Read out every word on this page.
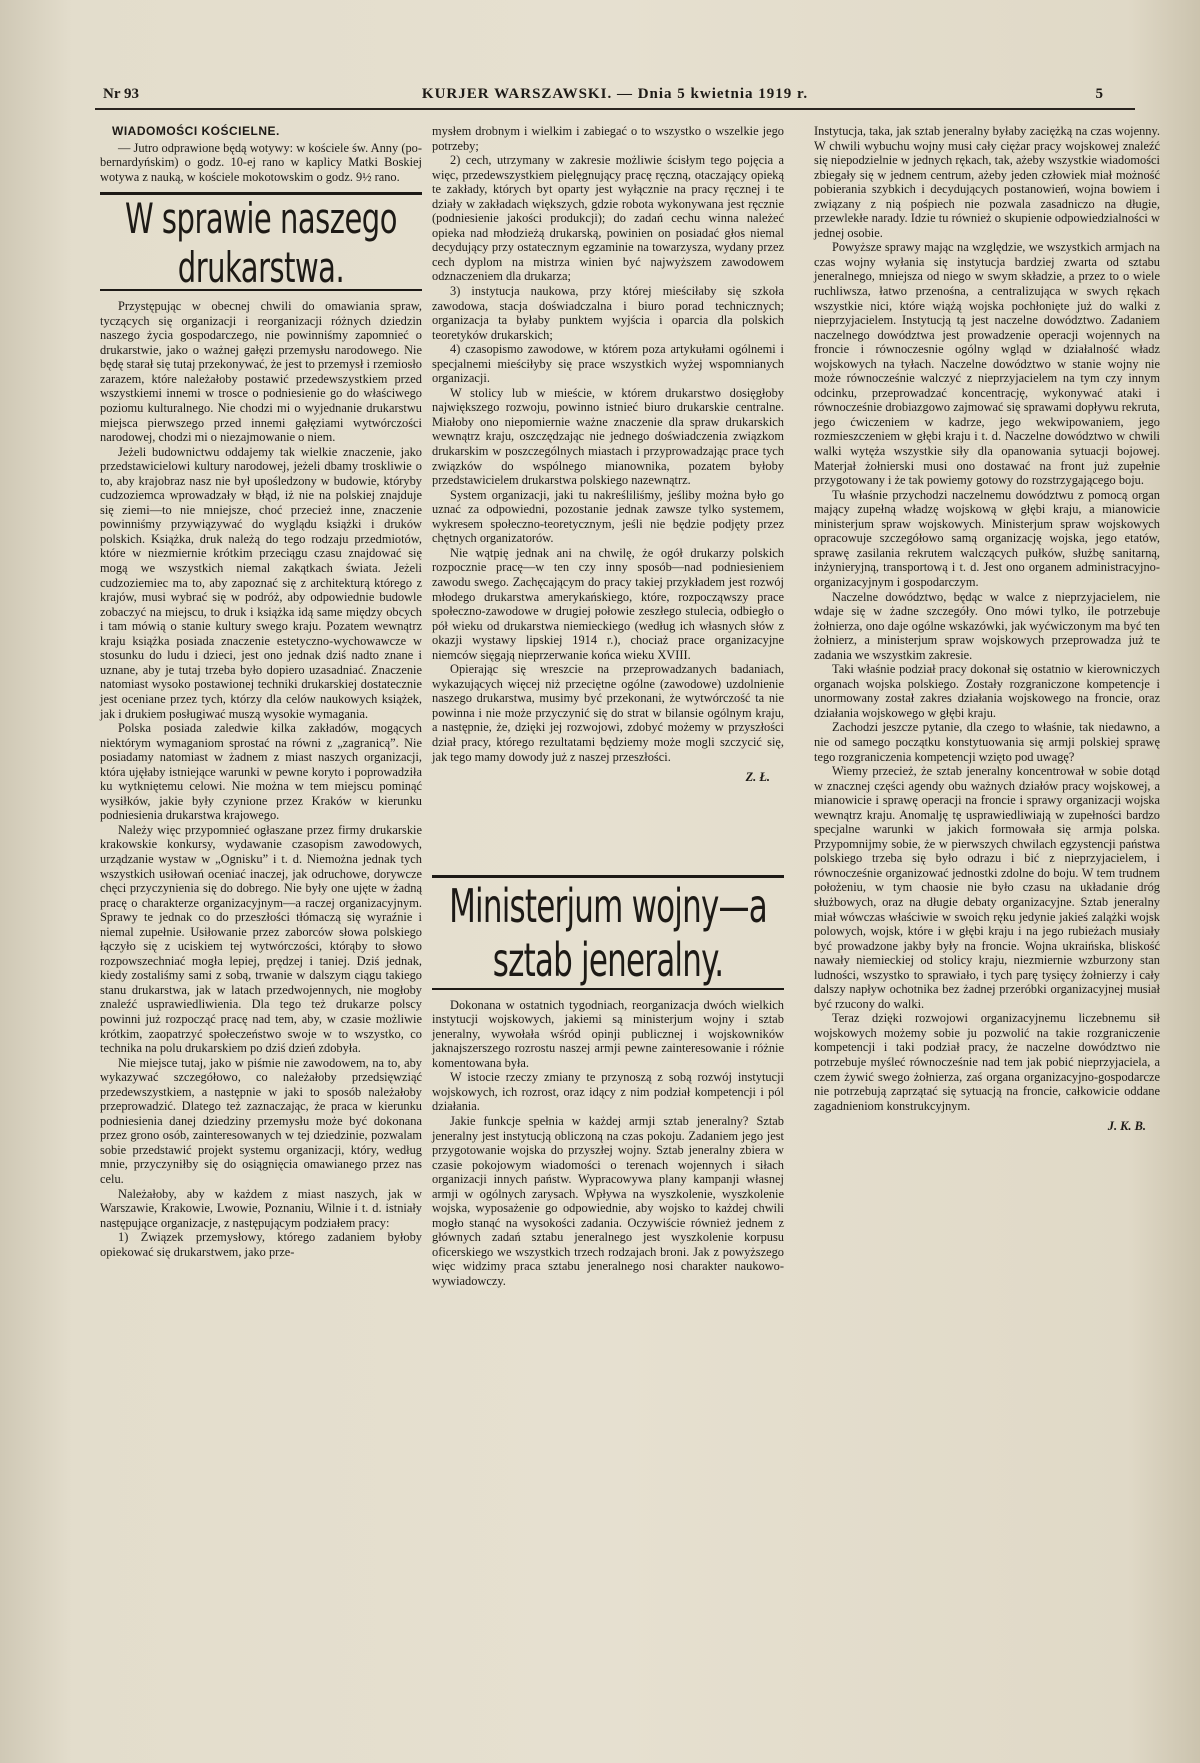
Nr 93	KURJER WARSZAWSKI. — Dnia 5 kwietnia 1919 r.	5
WIADOMOŚCI KOŚCIELNE.

— Jutro odprawione będą wotywy: w kościele św. Anny (po-bernardyńskim) o godz. 10-ej rano w kaplicy Matki Boskiej wotywa z nauką, w kościele mokotowskim o godz. 9½ rano.

W sprawie naszego drukarstwa.

Przystępując w obecnej chwili do omawiania spraw, tyczących się organizacji i reorganizacji różnych dziedzin naszego życia gospodarczego, nie powinniśmy zapomnieć o drukarstwie, jako o ważnej gałęzi przemysłu narodowego. Nie będę starał się tutaj przekonywać, że jest to przemysł i rzemiosło zarazem, które należałoby postawić przedewszystkiem przed wszystkiemi innemi w trosce o podniesienie go do właściwego poziomu kulturalnego. Nie chodzi mi o wyjednanie drukarstwu miejsca pierwszego przed innemi gałęziami wytwórczości narodowej, chodzi mi o niezajmowanie o niem.

Jeżeli budownictwu oddajemy tak wielkie znaczenie, jako przedstawicielowi kultury narodowej, jeżeli dbamy troskliwie o to, aby krajobraz nasz nie był upośledzony w budowie, któryby cudzoziemca wprowadzały w błąd, iż nie na polskiej znajduje się ziemi—to nie mniejsze, choć przecież inne, znaczenie powinniśmy przywiązywać do wyglądu książki i druków polskich. Książka, druk należą do tego rodzaju przedmiotów, które w niezmiernie krótkim przeciągu czasu znajdować się mogą we wszystkich niemal zakątkach świata. Jeżeli cudzoziemiec ma to, aby zapoznać się z architekturą którego z krajów, musi wybrać się w podróż, aby odpowiednie budowle zobaczyć na miejscu, to druk i książka idą same między obcych i tam mówią o stanie kultury swego kraju. Pozatem wewnątrz kraju książka posiada znaczenie estetyczno-wychowawcze w stosunku do ludu i dzieci, jest ono jednak dziś nadto znane i uznane, aby je tutaj trzeba było dopiero uzasadniać. Znaczenie natomiast wysoko postawionej techniki drukarskiej dostatecznie jest oceniane przez tych, którzy dla celów naukowych książek, jak i drukiem posługiwać muszą wysokie wymagania.

Polska posiada zaledwie kilka zakładów, mogących niektórym wymaganiom sprostać na równi z „zagranicą”. Nie posiadamy natomiast w żadnem z miast naszych organizacji, która ujęłaby istniejące warunki w pewne koryto i poprowadziła ku wytkniętemu celowi. Nie można w tem miejscu pominąć wysiłków, jakie były czynione przez Kraków w kierunku podniesienia drukarstwa krajowego.

Należy więc przypomnieć ogłaszane przez firmy drukarskie krakowskie konkursy, wydawanie czasopism zawodowych, urządzanie wystaw w „Ognisku” i t. d. Niemożna jednak tych wszystkich usiłowań oceniać inaczej, jak odruchowe, dorywcze chęci przyczynienia się do dobrego. Nie były one ujęte w żadną pracę o charakterze organizacyjnym—a raczej organizacyjnym. Sprawy te jednak co do przeszłości tłómaczą się wyraźnie i niemal zupełnie. Usiłowanie przez zaborców słowa polskiego łączyło się z uciskiem tej wytwórczości, którąby to słowo rozpowszechniać mogła lepiej, prędzej i taniej. Dziś jednak, kiedy zostaliśmy sami z sobą, trwanie w dalszym ciągu takiego stanu drukarstwa, jak w latach przedwojennych, nie mogłoby znaleźć usprawiedliwienia. Dla tego też drukarze polscy powinni już rozpocząć pracę nad tem, aby, w czasie możliwie krótkim, zaopatrzyć społeczeństwo swoje w to wszystko, co technika na polu drukarskiem po dziś dzień zdobyła.

Nie miejsce tutaj, jako w piśmie nie zawodowem, na to, aby wykazywać szczegółowo, co należałoby przedsięwziąć przedewszystkiem, a następnie w jaki to sposób należałoby przeprowadzić. Dlatego też zaznaczając, że praca w kierunku podniesienia danej dziedziny przemysłu może być dokonana przez grono osób, zainteresowanych w tej dziedzinie, pozwalam sobie przedstawić projekt systemu organizacji, który, według mnie, przyczyniłby się do osiągnięcia omawianego przez nas celu.

Należałoby, aby w każdem z miast naszych, jak w Warszawie, Krakowie, Lwowie, Poznaniu, Wilnie i t. d. istniały następujące organizacje, z następującym podziałem pracy:

1) Związek przemysłowy, którego zadaniem byłoby opiekować się drukarstwem, jako prze-

mysłem drobnym i wielkim i zabiegać o to wszystko o wszelkie jego potrzeby;

2) cech, utrzymany w zakresie możliwie ścisłym tego pojęcia a więc, przedewszystkiem pielęgnujący pracę ręczną, otaczający opieką te zakłady, których byt oparty jest wyłącznie na pracy ręcznej i te działy w zakładach większych, gdzie robota wykonywana jest ręcznie (podniesienie jakości produkcji); do zadań cechu winna należeć opieka nad młodzieżą drukarską, powinien on posiadać głos niemal decydujący przy ostatecznym egzaminie na towarzysza, wydany przez cech dyplom na mistrza winien być najwyższem zawodowem odznaczeniem dla drukarza;

3) instytucja naukowa, przy której mieściłaby się szkoła zawodowa, stacja doświadczalna i biuro porad technicznych; organizacja ta byłaby punktem wyjścia i oparcia dla polskich teoretyków drukarskich;

4) czasopismo zawodowe, w którem poza artykułami ogólnemi i specjalnemi mieściłyby się prace wszystkich wyżej wspomnianych organizacji.

W stolicy lub w mieście, w którem drukarstwo dosięgłoby największego rozwoju, powinno istnieć biuro drukarskie centralne. Miałoby ono niepomiernie ważne znaczenie dla spraw drukarskich wewnątrz kraju, oszczędzając nie jednego doświadczenia związkom drukarskim w poszczególnych miastach i przyprowadzając prace tych związków do wspólnego mianownika, pozatem byłoby przedstawicielem drukarstwa polskiego nazewnątrz.

System organizacji, jaki tu nakreśliliśmy, jeśliby można było go uznać za odpowiedni, pozostanie jednak zawsze tylko systemem, wykresem społeczno-teoretycznym, jeśli nie będzie podjęty przez chętnych organizatorów.

Nie wątpię jednak ani na chwilę, że ogół drukarzy polskich rozpocznie pracę—w ten czy inny sposób—nad podniesieniem zawodu swego. Zachęcającym do pracy takiej przykładem jest rozwój młodego drukarstwa amerykańskiego, które, rozpocząwszy prace społeczno-zawodowe w drugiej połowie zeszłego stulecia, odbiegło o pół wieku od drukarstwa niemieckiego (według ich własnych słów z okazji wystawy lipskiej 1914 r.), chociaż prace organizacyjne niemców sięgają nieprzerwanie końca wieku XVIII.

Opierając się wreszcie na przeprowadzanych badaniach, wykazujących więcej niż przeciętne ogólne (zawodowe) uzdolnienie naszego drukarstwa, musimy być przekonani, że wytwórczość ta nie powinna i nie może przyczynić się do strat w bilansie ogólnym kraju, a następnie, że, dzięki jej rozwojowi, zdobyć możemy w przyszłości dział pracy, którego rezultatami będziemy może mogli szczycić się, jak tego mamy dowody już z naszej przeszłości.

Z. Ł.
Ministerjum wojny—a sztab jeneralny.

Dokonana w ostatnich tygodniach, reorganizacja dwóch wielkich instytucji wojskowych, jakiemi są ministerjum wojny i sztab jeneralny, wywołała wśród opinji publicznej i wojskowników jaknajszerszego rozrostu naszej armji pewne zainteresowanie i różnie komentowana była.

W istocie rzeczy zmiany te przynoszą z sobą rozwój instytucji wojskowych, ich rozrost, oraz idący z nim podział kompetencji i pól działania.

Jakie funkcje spełnia w każdej armji sztab jeneralny? Sztab jeneralny jest instytucją obliczoną na czas pokoju. Zadaniem jego jest przygotowanie wojska do przyszłej wojny. Sztab jeneralny zbiera w czasie pokojowym wiadomości o terenach wojennych i siłach organizacji innych państw. Wypracowywa plany kampanji własnej armji w ogólnych zarysach. Wpływa na wyszkolenie, wyszkolenie wojska, wyposażenie go odpowiednie, aby wojsko to każdej chwili mogło stanąć na wysokości zadania. Oczywiście również jednem z głównych zadań sztabu jeneralnego jest wyszkolenie korpusu oficerskiego we wszystkich trzech rodzajach broni. Jak z powyższego więc widzimy praca sztabu jeneralnego nosi charakter naukowo-wywiadowczy.

Instytucja, taka, jak sztab jeneralny byłaby zaciężką na czas wojenny. W chwili wybuchu wojny musi cały ciężar pracy wojskowej znaleźć się niepodzielnie w jednych rękach, tak, ażeby wszystkie wiadomości zbiegały się w jednem centrum, ażeby jeden człowiek miał możność pobierania szybkich i decydujących postanowień, wojna bowiem i związany z nią pośpiech nie pozwala zasadniczo na długie, przewlekłe narady. Idzie tu również o skupienie odpowiedzialności w jednej osobie.

Powyższe sprawy mając na względzie, we wszystkich armjach na czas wojny wyłania się instytucja bardziej zwarta od sztabu jeneralnego, mniejsza od niego w swym składzie, a przez to o wiele ruchliwsza, łatwo przenośna, a centralizująca w swych rękach wszystkie nici, które wiążą wojska pochłonięte już do walki z nieprzyjacielem. Instytucją tą jest naczelne dowództwo. Zadaniem naczelnego dowództwa jest prowadzenie operacji wojennych na froncie i równoczesnie ogólny wgląd w działalność władz wojskowych na tyłach. Naczelne dowództwo w stanie wojny nie może równocześnie walczyć z nieprzyjacielem na tym czy innym odcinku, przeprowadzać koncentrację, wykonywać ataki i równocześnie drobiazgowo zajmować się sprawami dopływu rekruta, jego ćwiczeniem w kadrze, jego wekwipowaniem, jego rozmieszczeniem w głębi kraju i t. d. Naczelne dowództwo w chwili walki wytęża wszystkie siły dla opanowania sytuacji bojowej. Materjał żołnierski musi ono dostawać na front już zupełnie przygotowany i że tak powiemy gotowy do rozstrzygającego boju.

Tu właśnie przychodzi naczelnemu dowództwu z pomocą organ mający zupełną władzę wojskową w głębi kraju, a mianowicie ministerjum spraw wojskowych. Ministerjum spraw wojskowych opracowuje szczegółowo samą organizację wojska, jego etatów, sprawę zasilania rekrutem walczących pułków, służbę sanitarną, inżynieryjną, transportową i t. d. Jest ono organem administracyjno-organizacyjnym i gospodarczym.

Naczelne dowództwo, będąc w walce z nieprzyjacielem, nie wdaje się w żadne szczegóły. Ono mówi tylko, ile potrzebuje żołnierza, ono daje ogólne wskazówki, jak wyćwiczonym ma być ten żołnierz, a ministerjum spraw wojskowych przeprowadza już te zadania we wszystkim zakresie.

Taki właśnie podział pracy dokonał się ostatnio w kierowniczych organach wojska polskiego. Zostały rozgraniczone kompetencje i unormowany został zakres działania wojskowego na froncie, oraz działania wojskowego w głębi kraju.

Zachodzi jeszcze pytanie, dla czego to właśnie, tak niedawno, a nie od samego początku konstytuowania się armji polskiej sprawę tego rozgraniczenia kompetencji wzięto pod uwagę?

Wiemy przecież, że sztab jeneralny koncentrował w sobie dotąd w znacznej części agendy obu ważnych działów pracy wojskowej, a mianowicie i sprawę operacji na froncie i sprawy organizacji wojska wewnątrz kraju. Anomalję tę usprawiedliwiają w zupełności bardzo specjalne warunki w jakich formowała się armja polska. Przypomnijmy sobie, że w pierwszych chwilach egzystencji państwa polskiego trzeba się było odrazu i bić z nieprzyjacielem, i równocześnie organizować jednostki zdolne do boju. W tem trudnem położeniu, w tym chaosie nie było czasu na układanie dróg służbowych, oraz na długie debaty organizacyjne. Sztab jeneralny miał wówczas właściwie w swoich ręku jedynie jakieś zalążki wojsk polowych, wojsk, które i w głębi kraju i na jego rubieżach musiały być prowadzone jakby były na froncie. Wojna ukraińska, bliskość nawały niemieckiej od stolicy kraju, niezmiernie wzburzony stan ludności, wszystko to sprawiało, i tych parę tysięcy żołnierzy i cały dalszy napływ ochotnika bez żadnej przeróbki organizacyjnej musiał być rzucony do walki.

Teraz dzięki rozwojowi organizacyjnemu liczebnemu sił wojskowych możemy sobie ju pozwolić na takie rozgraniczenie kompetencji i taki podział pracy, że naczelne dowództwo nie potrzebuje myśleć równocześnie nad tem jak pobić nieprzyjaciela, a czem żywić swego żołnierza, zaś organa organizacyjno-gospodarcze nie potrzebują zaprzątać się sytuacją na froncie, całkowicie oddane zagadnieniom konstrukcyjnym.

J. K. B.
